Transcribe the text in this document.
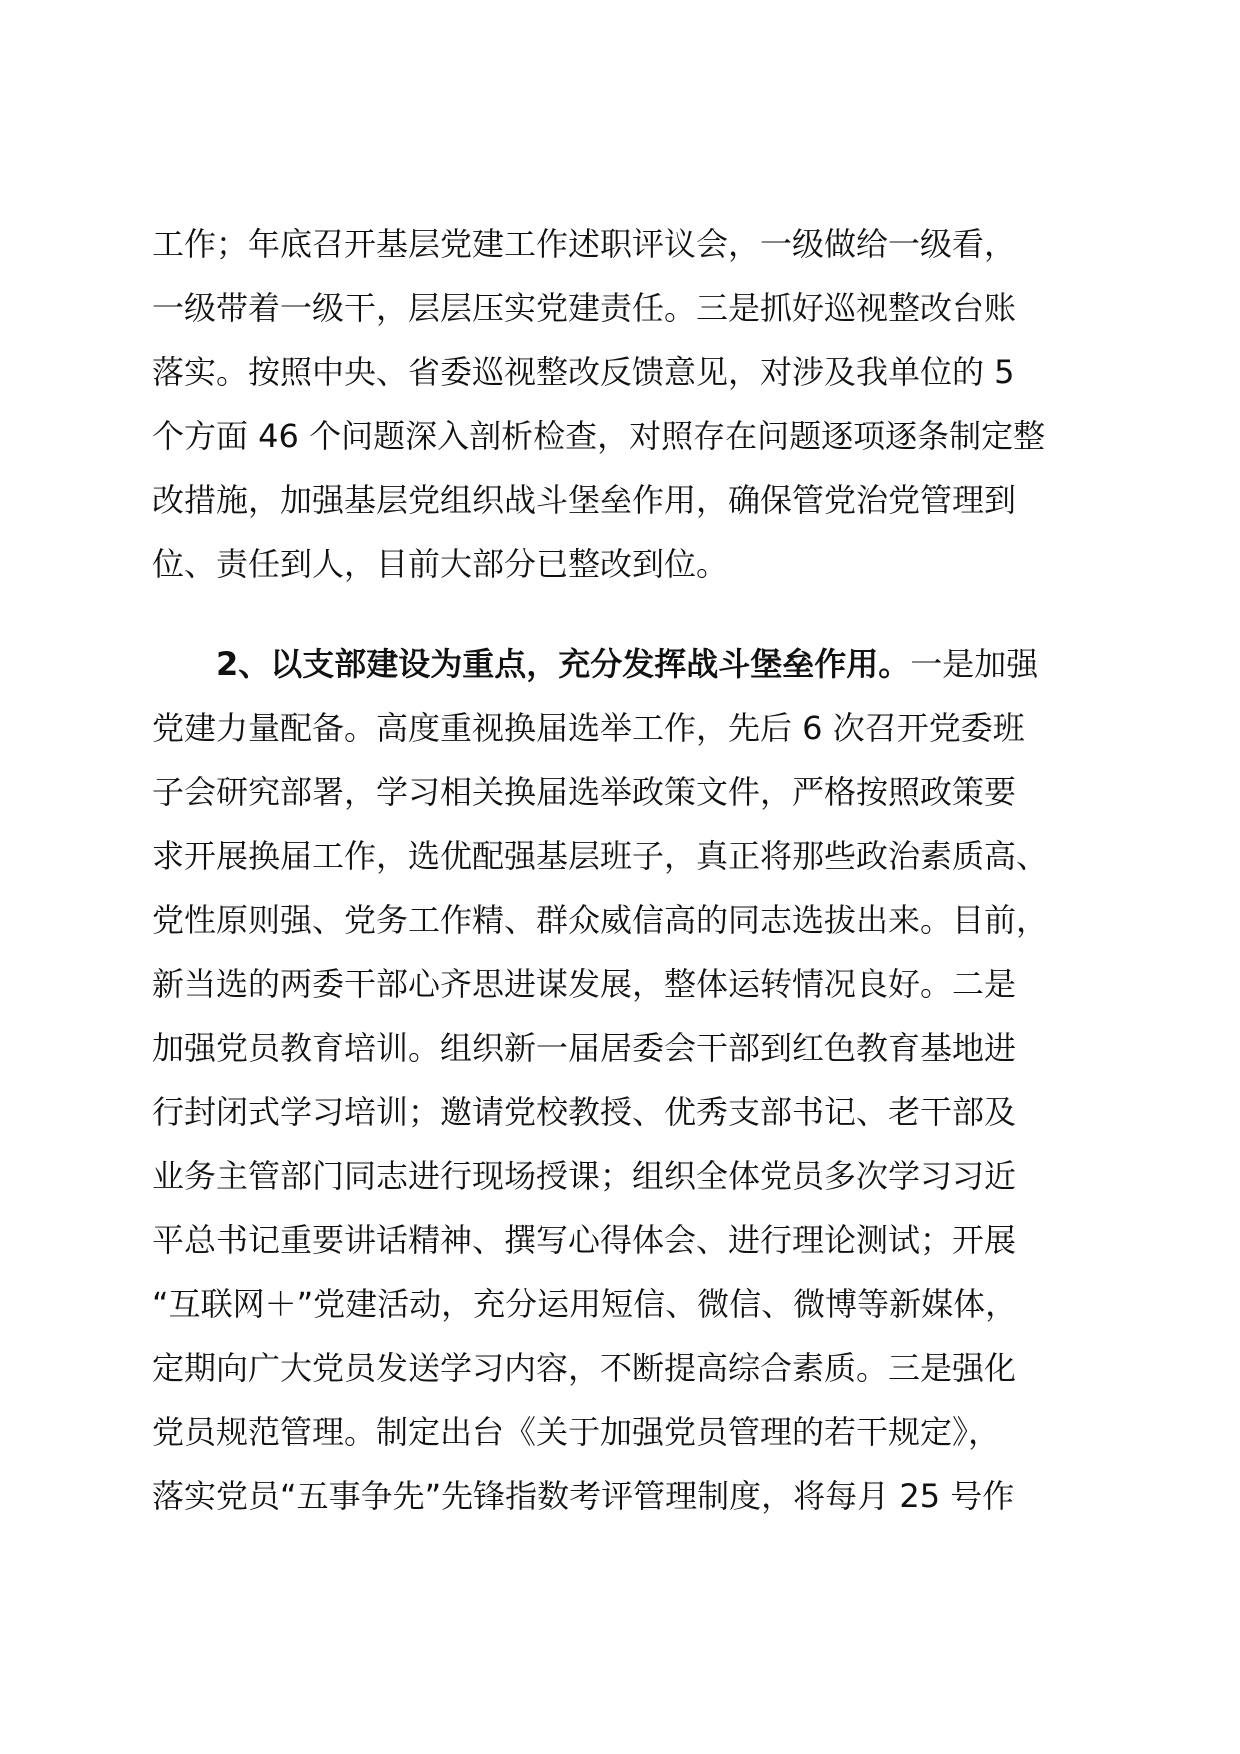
工作；年底召开基层党建工作述职评议会，一级做给一级看，
一级带着一级干，层层压实党建责任。三是抓好巡视整改台账
落实。按照中央、省委巡视整改反馈意见，对涉及我单位的 5
个方面 46 个问题深入剖析检查，对照存在问题逐项逐条制定整
改措施，加强基层党组织战斗堡垒作用，确保管党治党管理到
位、责任到人，目前大部分已整改到位。
2、以支部建设为重点，充分发挥战斗堡垒作用。一是加强
党建力量配备。高度重视换届选举工作，先后 6 次召开党委班
子会研究部署，学习相关换届选举政策文件，严格按照政策要
求开展换届工作，选优配强基层班子，真正将那些政治素质高、
党性原则强、党务工作精、群众威信高的同志选拔出来。目前，
新当选的两委干部心齐思进谋发展，整体运转情况良好。二是
加强党员教育培训。组织新一届居委会干部到红色教育基地进
行封闭式学习培训；邀请党校教授、优秀支部书记、老干部及
业务主管部门同志进行现场授课；组织全体党员多次学习习近
平总书记重要讲话精神、撰写心得体会、进行理论测试；开展
“互联网＋”党建活动，充分运用短信、微信、微博等新媒体，
定期向广大党员发送学习内容，不断提高综合素质。三是强化
党员规范管理。制定出台《关于加强党员管理的若干规定》，
落实党员“五事争先”先锋指数考评管理制度，将每月 25 号作
